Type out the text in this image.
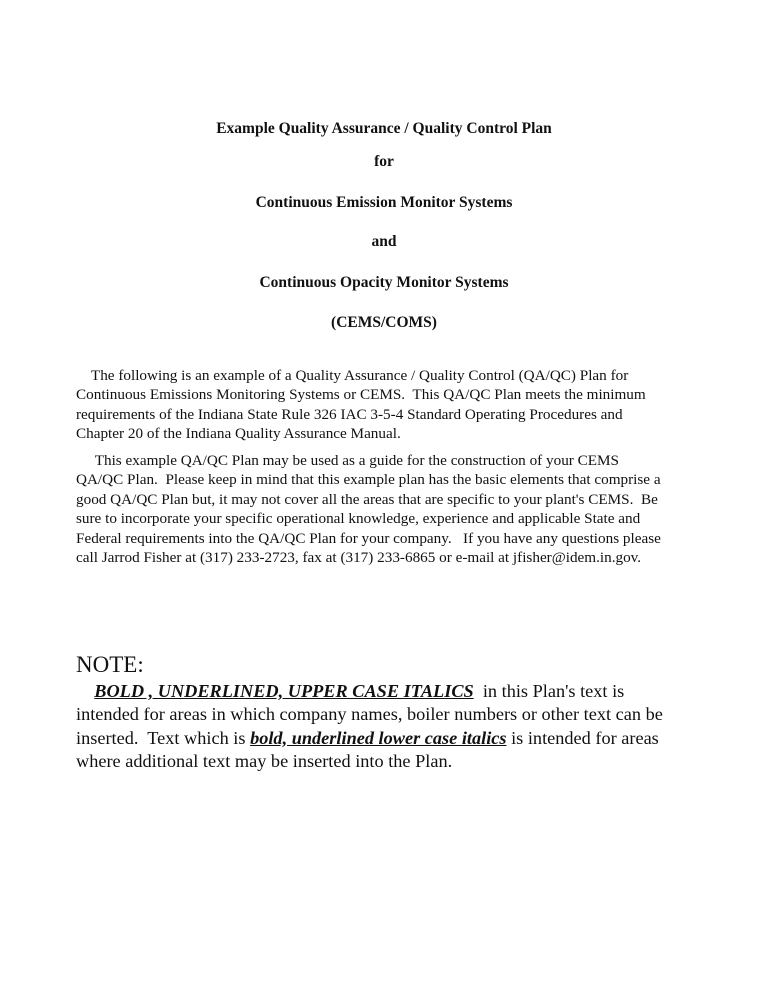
Example Quality Assurance / Quality Control Plan
for
Continuous Emission Monitor Systems
and
Continuous Opacity Monitor Systems
(CEMS/COMS)
The following is an example of a Quality Assurance / Quality Control (QA/QC) Plan for
Continuous Emissions Monitoring Systems or CEMS.  This QA/QC Plan meets the minimum
requirements of the Indiana State Rule 326 IAC 3-5-4 Standard Operating Procedures and
Chapter 20 of the Indiana Quality Assurance Manual.
This example QA/QC Plan may be used as a guide for the construction of your CEMS
QA/QC Plan.  Please keep in mind that this example plan has the basic elements that comprise a
good QA/QC Plan but, it may not cover all the areas that are specific to your plant's CEMS.  Be
sure to incorporate your specific operational knowledge, experience and applicable State and
Federal requirements into the QA/QC Plan for your company.   If you have any questions please
call Jarrod Fisher at (317) 233-2723, fax at (317) 233-6865 or e-mail at jfisher@idem.in.gov.
NOTE:
BOLD , UNDERLINED, UPPER CASE ITALICS  in this Plan's text is
intended for areas in which company names, boiler numbers or other text can be
inserted.  Text which is bold, underlined lower case italics is intended for areas
where additional text may be inserted into the Plan.
